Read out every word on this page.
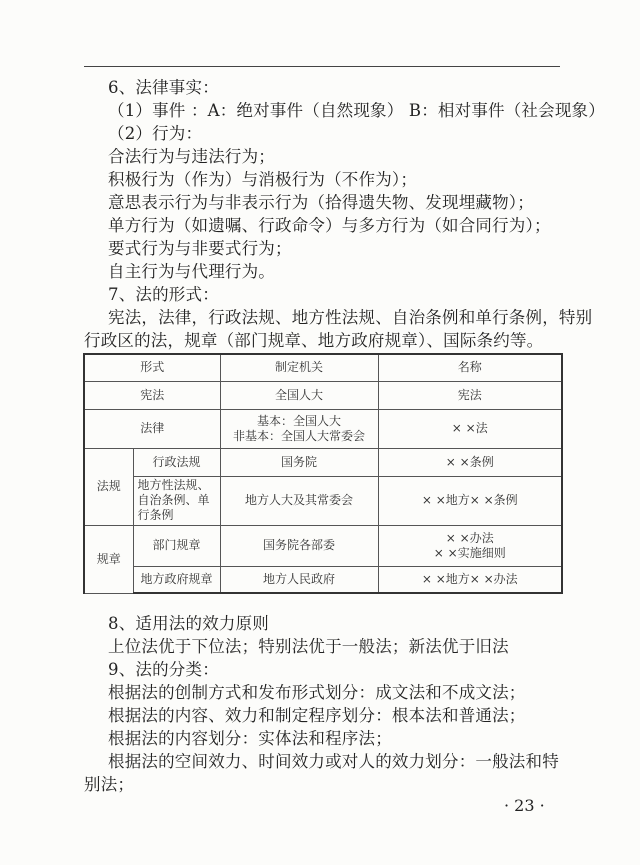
6、法律事实：

（1）事件 ：A：绝对事件（自然现象） B：相对事件（社会现象）

（2）行为：

合法行为与违法行为；

积极行为（作为）与消极行为（不作为）；

意思表示行为与非表示行为（拾得遗失物、发现埋藏物）；

单方行为（如遗嘱、行政命令）与多方行为（如合同行为）；

要式行为与非要式行为；

自主行为与代理行为。

7、法的形式：

宪法，法律，行政法规、地方性法规、自治条例和单行条例，特别

行政区的法，规章（部门规章、地方政府规章）、国际条约等。

形式		制定机关	名称
宪法		全国人大	宪法
法律		基本：全国人大
非基本：全国人大常委会	× ×法
法规	行政法规	国务院	× ×条例

	地方性法规、
自治条例、单
行条例	地方人大及其常委会	× ×地方× ×条例
规章	部门规章	国务院各部委	× ×办法
× ×实施细则

	地方政府规章	地方人民政府	× ×地方× ×办法

8、适用法的效力原则

上位法优于下位法；特别法优于一般法；新法优于旧法

9、法的分类：

根据法的创制方式和发布形式划分：成文法和不成文法；

根据法的内容、效力和制定程序划分：根本法和普通法；

根据法的内容划分：实体法和程序法；

根据法的空间效力、时间效力或对人的效力划分：一般法和特

别法；

· 23 ·
